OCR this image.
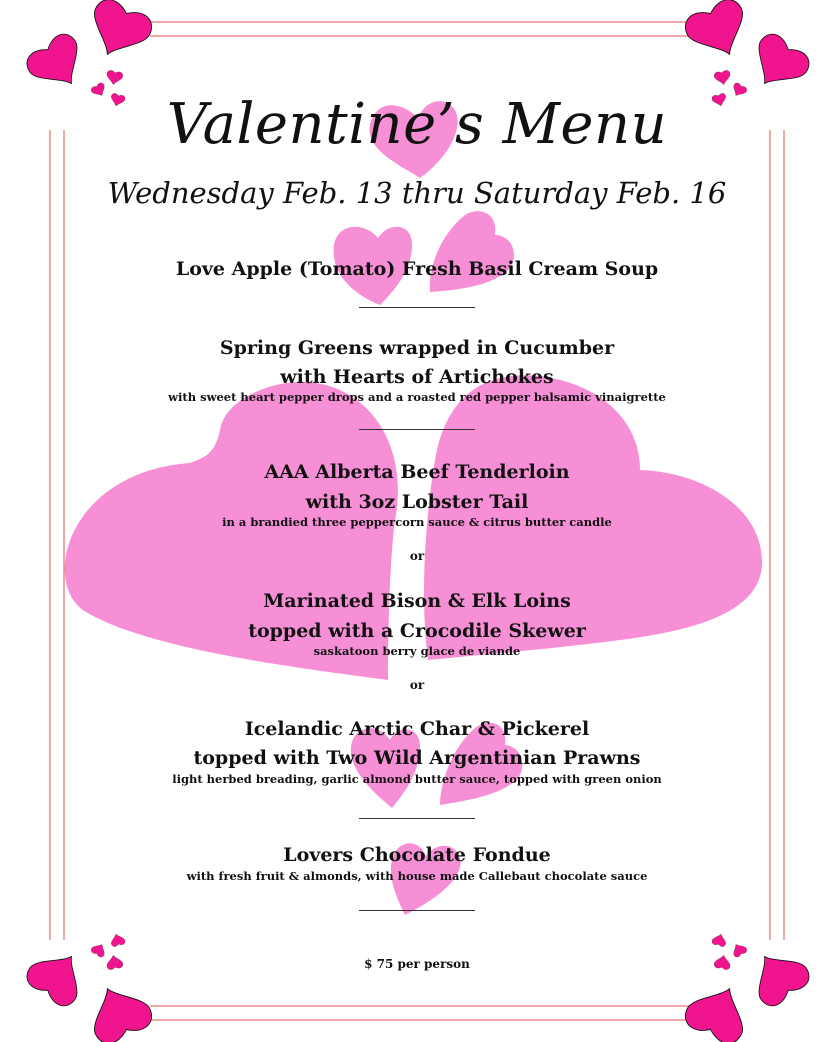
Valentine’s Menu
Wednesday Feb. 13 thru Saturday Feb. 16
Love Apple (Tomato) Fresh Basil Cream Soup
Spring Greens wrapped in Cucumber
with Hearts of Artichokes
with sweet heart pepper drops and a roasted red pepper balsamic vinaigrette
AAA Alberta Beef Tenderloin
with 3oz Lobster Tail
in a brandied three peppercorn sauce & citrus butter candle
or
Marinated Bison & Elk Loins
topped with a Crocodile Skewer
saskatoon berry glace de viande
or
Icelandic Arctic Char & Pickerel
topped with Two Wild Argentinian Prawns
light herbed breading, garlic almond butter sauce, topped with green onion
Lovers Chocolate Fondue
with fresh fruit & almonds, with house made Callebaut chocolate sauce
$ 75 per person
